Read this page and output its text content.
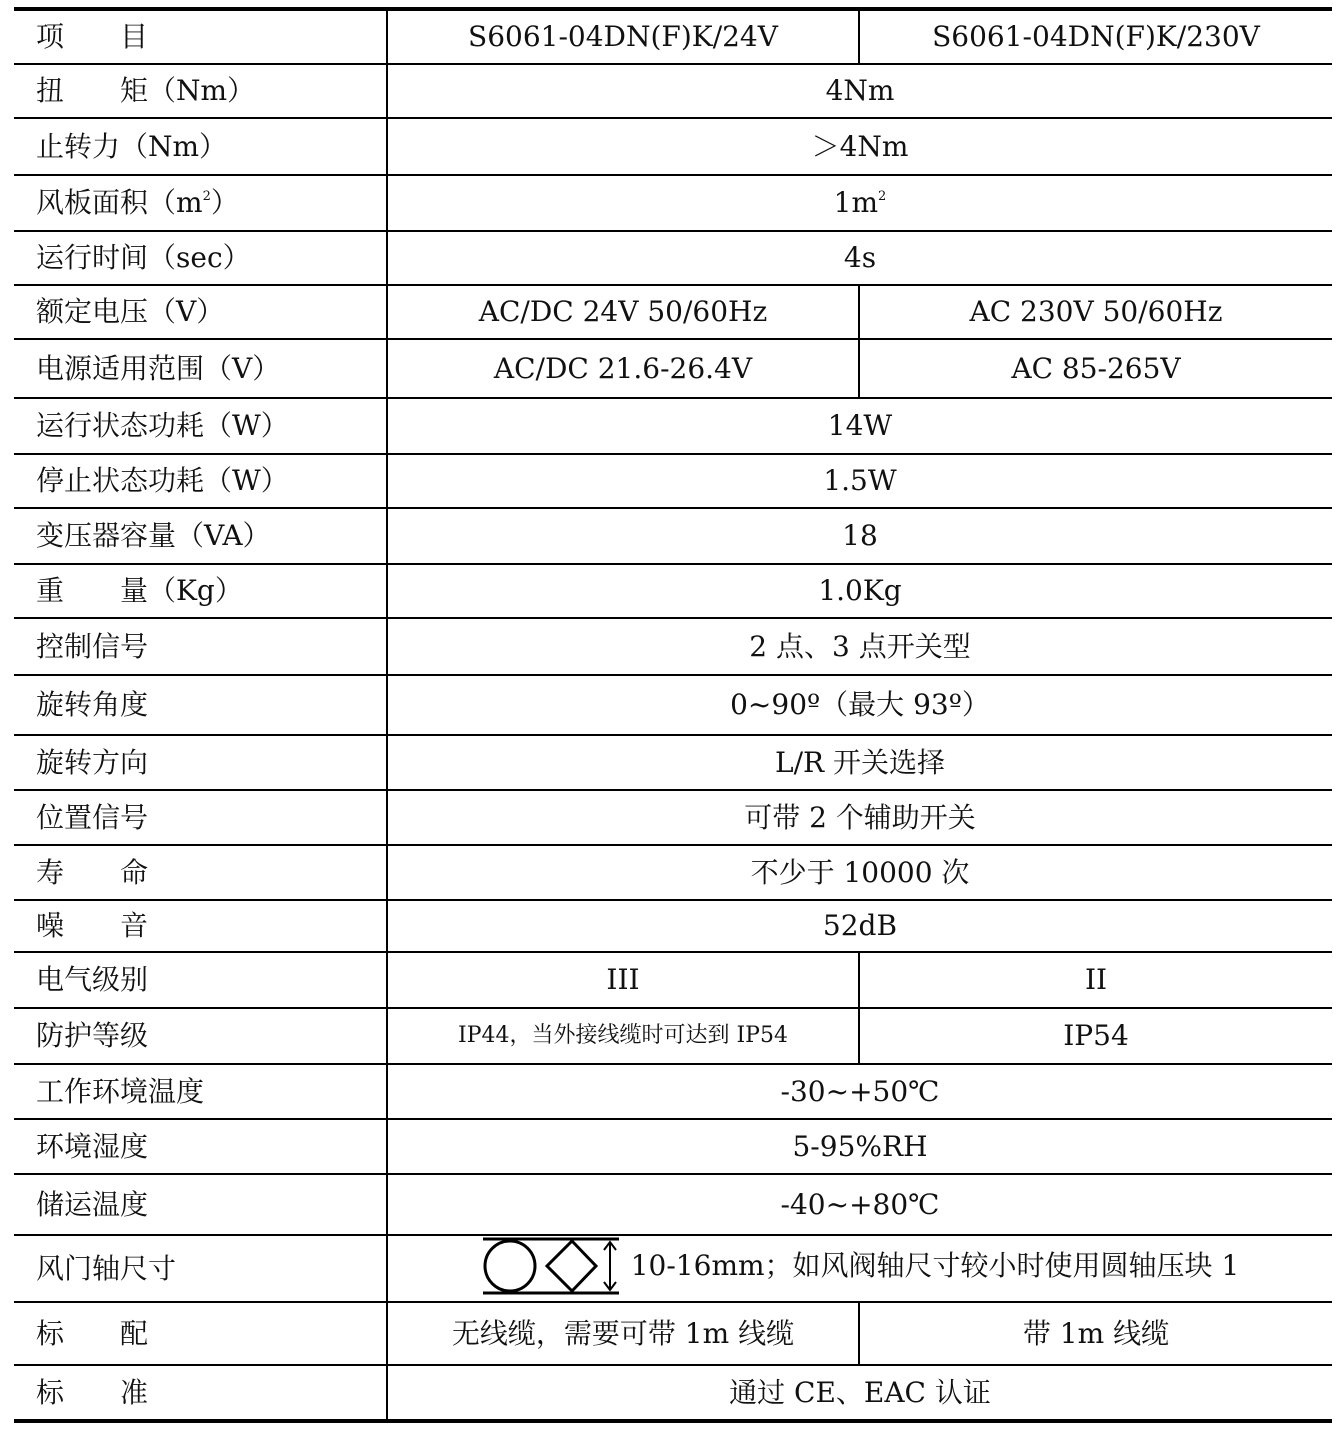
项　　目	S6061-04DN(F)K/24V	S6061-04DN(F)K/230V
扭　　矩（Nm）	4Nm	
止转力（Nm）	＞4Nm	
风板面积$(m^2)$	$1m^2$
运行时间（sec）	4s	
额定电压（V）	AC/DC 24V 50/60Hz	AC 230V 50/60Hz
电源适用范围（V）	AC/DC 21.6-26.4V	AC 85-265V
运行状态功耗（W）	14W	
停止状态功耗（W）	1.5W	
变压器容量（VA）	18	
重　　量（Kg）	1.0Kg	
控制信号	2 点、3 点开关型	
旋转角度	0~90º（最大 93º）	
旋转方向	L/R 开关选择	
位置信号	可带 2 个辅助开关	
寿　　命	不少于 10000 次	
噪　　音	52dB	
电气级别	III	II
防护等级	IP44，当外接线缆时可达到 IP54	IP54
工作环境温度	-30~+50℃	
环境湿度	5-95%RH	
储运温度	-40~+80℃	
风门轴尺寸	10-16mm；如风阀轴尺寸较小时使用圆轴压块 1	

标　　配	无线缆，需要可带 1m 线缆	带 1m 线缆
标　　准	通过 CE、EAC 认证	
